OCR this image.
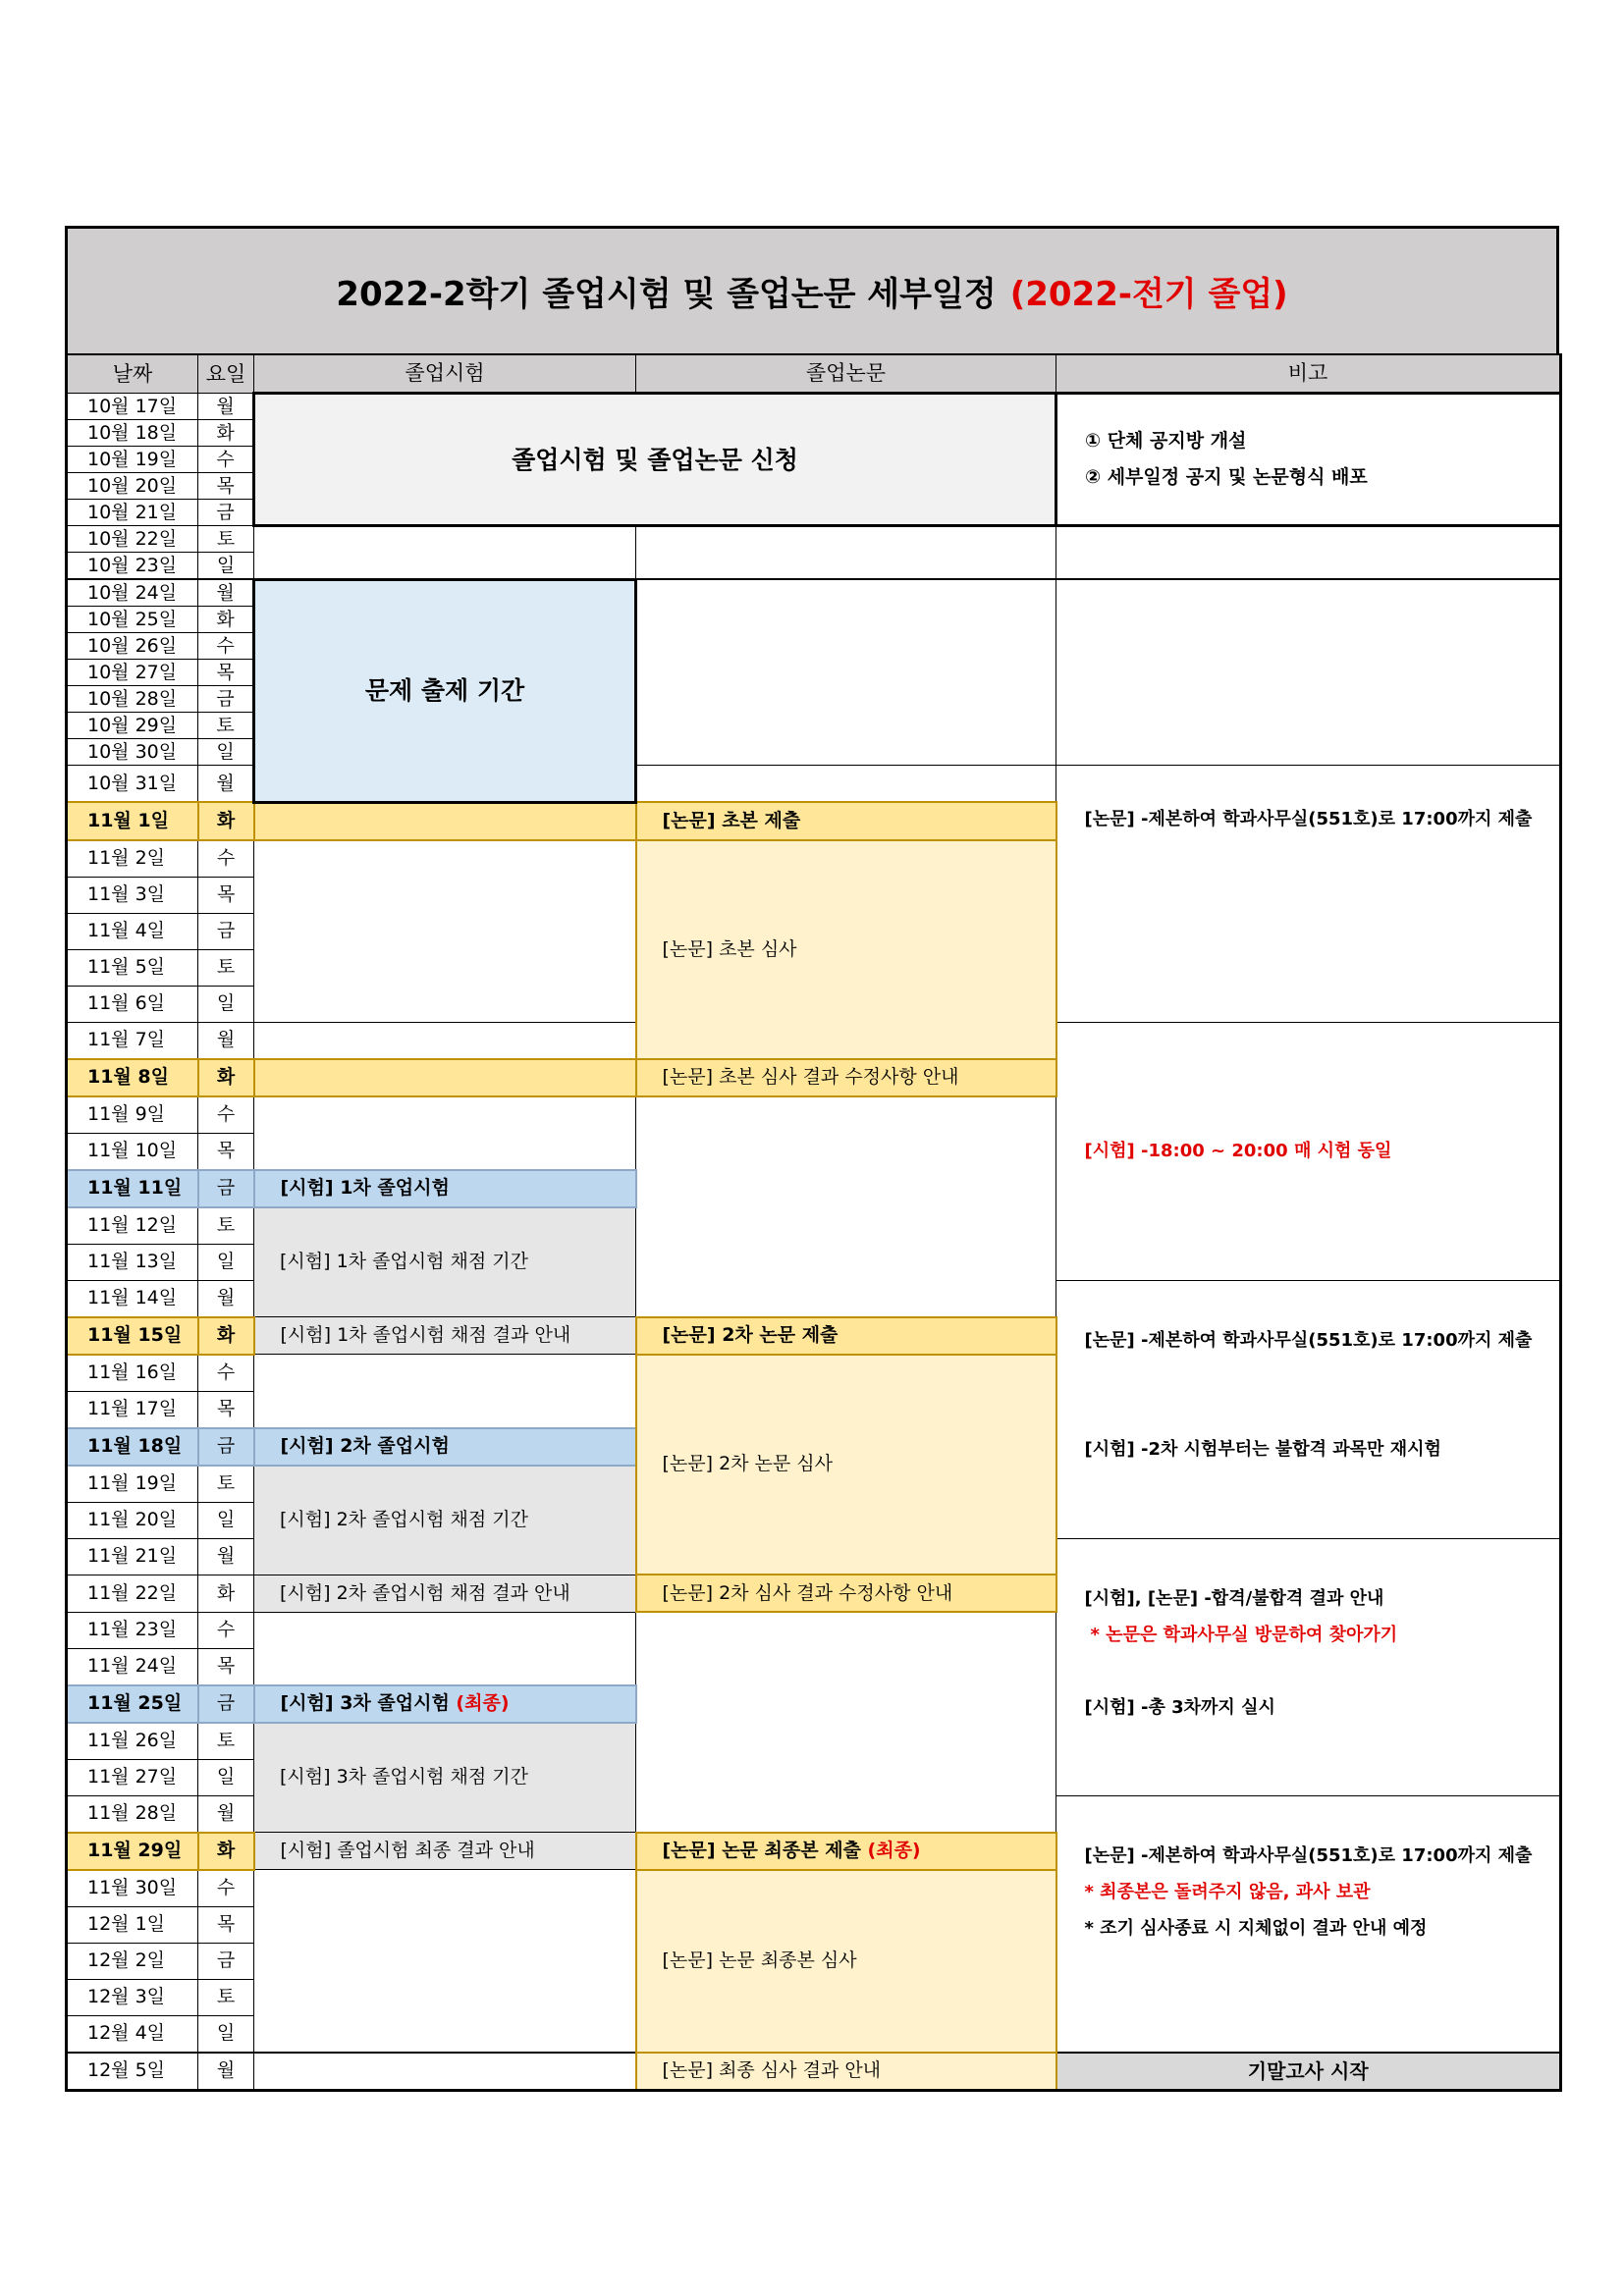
2022-2학기 졸업시험 및 졸업논문 세부일정 (2022-전기 졸업)
날짜	요일	졸업시험	졸업논문	비고
10월 17일	월	졸업시험 및 졸업논문 신청		① 단체 공지방 개설
② 세부일정 공지 및 논문형식 배포

10월 18일	화			
10월 19일	수			
10월 20일	목			
10월 21일	금			
10월 22일	토			
10월 23일	일			
10월 24일	월	문제 출제 기간		
10월 25일	화			
10월 26일	수			
10월 27일	목			
10월 28일	금			
10월 29일	토			
10월 30일	일			
10월 31일	월			[논문] -제본하여 학과사무실(551호)로 17:00까지 제출
11월 1일	화		[논문] 초본 제출	
11월 2일	수		[논문] 초본 심사	
11월 3일	목			
11월 4일	금			
11월 5일	토			
11월 6일	일			
11월 7일	월			[시험] -18:00 ~ 20:00 매 시험 동일
11월 8일	화		[논문] 초본 심사 결과 수정사항 안내	
11월 9일	수			
11월 10일	목			
11월 11일	금	[시험] 1차 졸업시험		
11월 12일	토	[시험] 1차 졸업시험 채점 기간		
11월 13일	일			
11월 14일	월			[논문] -제본하여 학과사무실(551호)로 17:00까지 제출
[시험] -2차 시험부터는 불합격 과목만 재시험

11월 15일	화	[시험] 1차 졸업시험 채점 결과 안내	[논문] 2차 논문 제출	
11월 16일	수		[논문] 2차 논문 심사	
11월 17일	목			
11월 18일	금	[시험] 2차 졸업시험		
11월 19일	토	[시험] 2차 졸업시험 채점 기간		
11월 20일	일			
11월 21일	월			[시험], [논문] -합격/불합격 결과 안내
* 논문은 학과사무실 방문하여 찾아가기
[시험] -총 3차까지 실시

11월 22일	화	[시험] 2차 졸업시험 채점 결과 안내	[논문] 2차 심사 결과 수정사항 안내	
11월 23일	수			
11월 24일	목			
11월 25일	금	[시험] 3차 졸업시험 (최종)		
11월 26일	토	[시험] 3차 졸업시험 채점 기간		
11월 27일	일			
11월 28일	월			[논문] -제본하여 학과사무실(551호)로 17:00까지 제출
* 최종본은 돌려주지 않음, 과사 보관
* 조기 심사종료 시 지체없이 결과 안내 예정

11월 29일	화	[시험] 졸업시험 최종 결과 안내	[논문] 논문 최종본 제출 (최종)	
11월 30일	수		[논문] 논문 최종본 심사	
12월 1일	목			
12월 2일	금			
12월 3일	토			
12월 4일	일			
12월 5일	월		[논문] 최종 심사 결과 안내	기말고사 시작
